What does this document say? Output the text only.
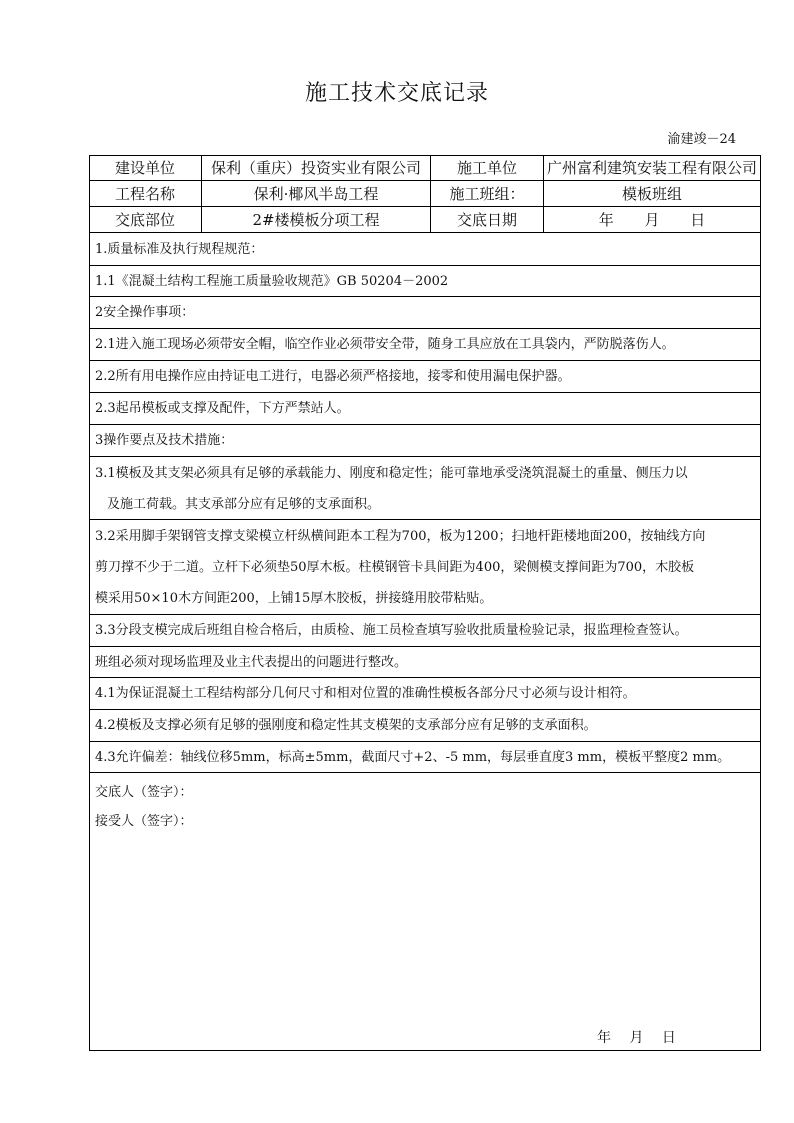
施工技术交底记录
渝建竣－24
建设单位	保利（重庆）投资实业有限公司	施工单位	广州富利建筑安装工程有限公司
工程名称	保利·椰风半岛工程	施工班组：	模板班组
交底部位	2#楼模板分项工程	交底日期	年 月 日
1.质量标准及执行规程规范：
1.1《混凝土结构工程施工质量验收规范》GB 50204－2002
2安全操作事项：
2.1进入施工现场必须带安全帽，临空作业必须带安全带，随身工具应放在工具袋内，严防脱落伤人。
2.2所有用电操作应由持证电工进行，电器必须严格接地，接零和使用漏电保护器。
2.3起吊模板或支撑及配件，下方严禁站人。
3操作要点及技术措施：
3.1模板及其支架必须具有足够的承载能力、刚度和稳定性；能可靠地承受浇筑混凝土的重量、侧压力以
及施工荷载。其支承部分应有足够的支承面积。
3.2采用脚手架钢管支撑支梁模立杆纵横间距本工程为700，板为1200；扫地杆距楼地面200，按轴线方向
剪刀撑不少于二道。立杆下必须垫50厚木板。柱模钢管卡具间距为400，梁侧模支撑间距为700，木胶板
模采用50×10木方间距200，上铺15厚木胶板，拼接缝用胶带粘贴。
3.3分段支模完成后班组自检合格后，由质检、施工员检查填写验收批质量检验记录，报监理检查签认。
班组必须对现场监理及业主代表提出的问题进行整改。
4.1为保证混凝土工程结构部分几何尺寸和相对位置的准确性模板各部分尺寸必须与设计相符。
4.2模板及支撑必须有足够的强刚度和稳定性其支模架的支承部分应有足够的支承面积。
4.3允许偏差：轴线位移5mm，标高±5mm，截面尺寸+2、-5 mm，每层垂直度3 mm，模板平整度2 mm。
交底人（签字）：
接受人（签字）：
年 月 日
